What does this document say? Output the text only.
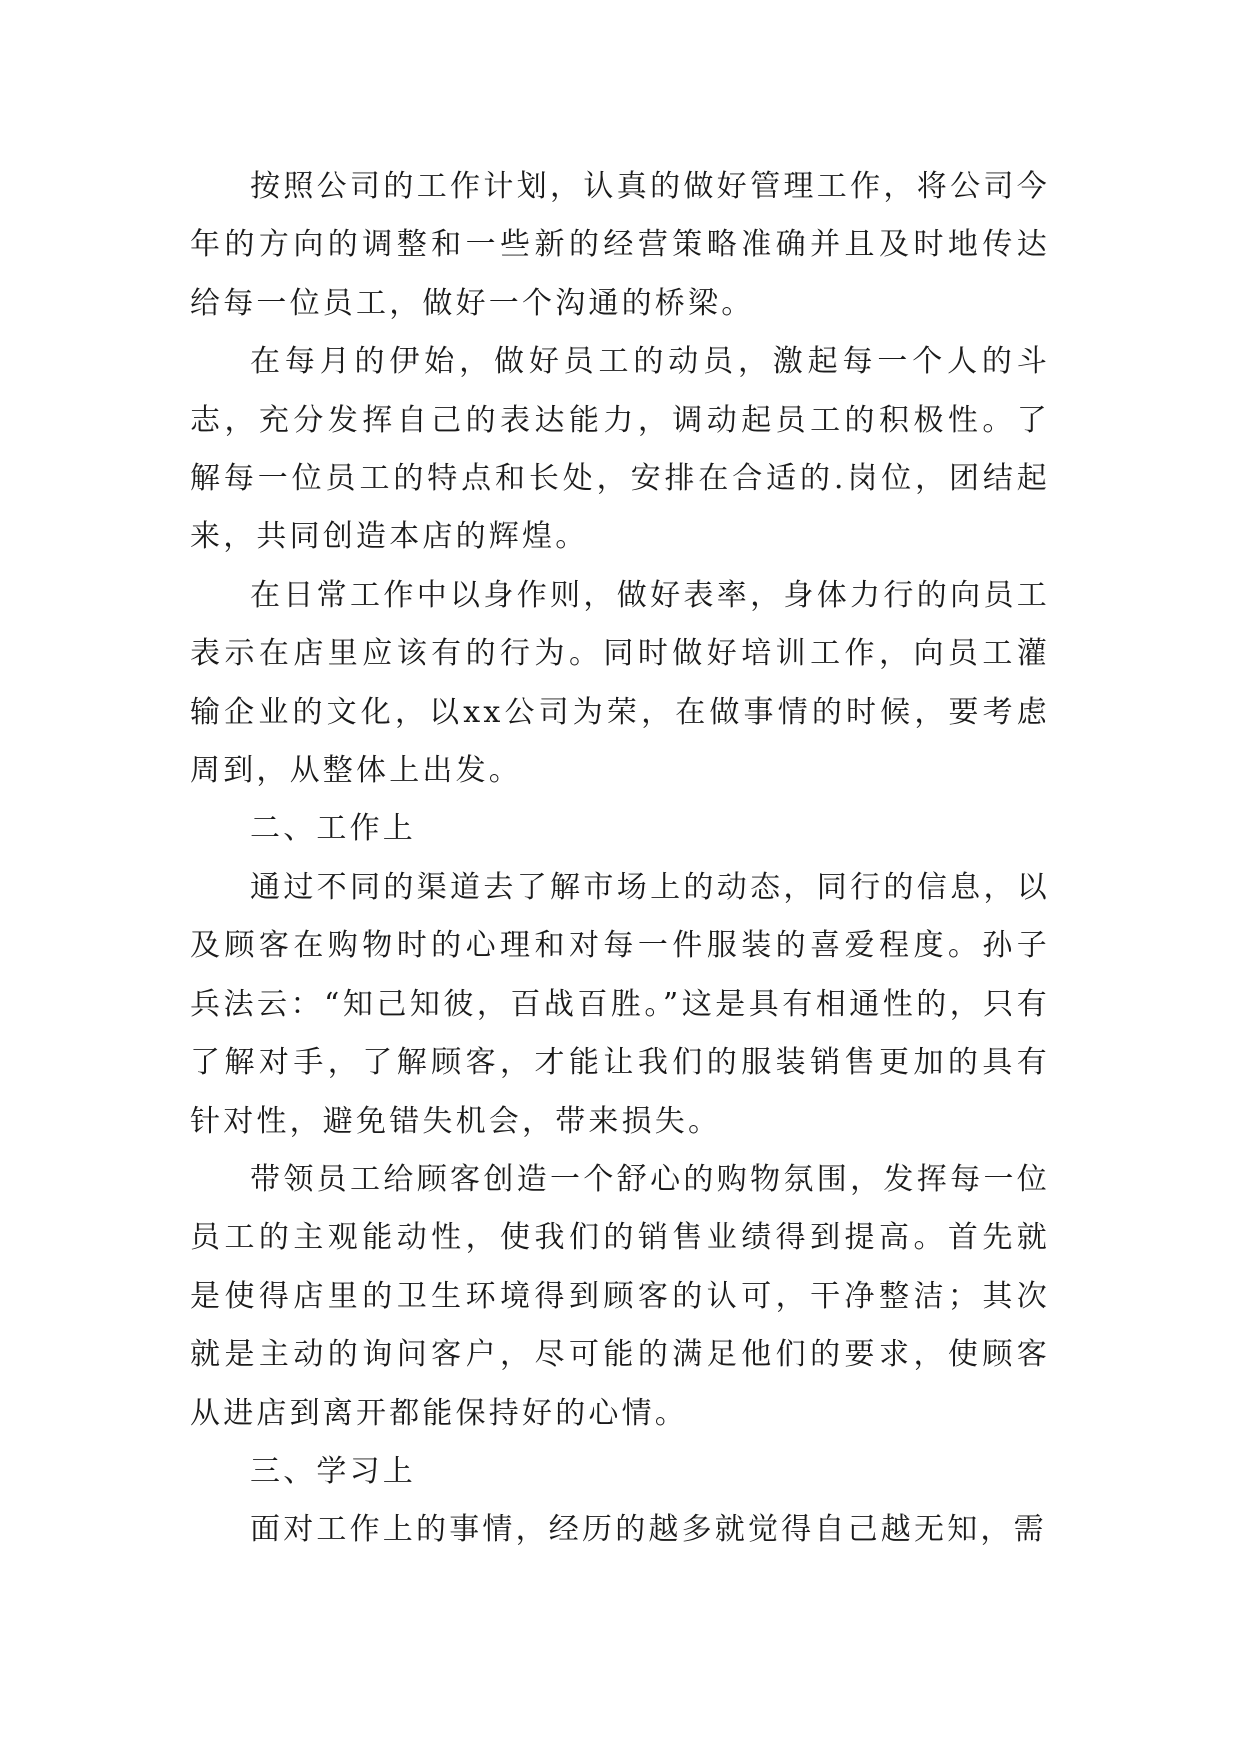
按照公司的工作计划，认真的做好管理工作，将公司今年的方向的调整和一些新的经营策略准确并且及时地传达给每一位员工，做好一个沟通的桥梁。

在每月的伊始，做好员工的动员，激起每一个人的斗志，充分发挥自己的表达能力，调动起员工的积极性。了解每一位员工的特点和长处，安排在合适的.岗位，团结起来，共同创造本店的辉煌。

在日常工作中以身作则，做好表率，身体力行的向员工表示在店里应该有的行为。同时做好培训工作，向员工灌输企业的文化，以xx公司为荣，在做事情的时候，要考虑周到，从整体上出发。

二、工作上

通过不同的渠道去了解市场上的动态，同行的信息，以及顾客在购物时的心理和对每一件服装的喜爱程度。孙子兵法云：“知己知彼，百战百胜。”这是具有相通性的，只有了解对手，了解顾客，才能让我们的服装销售更加的具有针对性，避免错失机会，带来损失。

带领员工给顾客创造一个舒心的购物氛围，发挥每一位员工的主观能动性，使我们的销售业绩得到提高。首先就是使得店里的卫生环境得到顾客的认可，干净整洁；其次就是主动的询问客户，尽可能的满足他们的要求，使顾客从进店到离开都能保持好的心情。

三、学习上

面对工作上的事情，经历的越多就觉得自己越无知，需
